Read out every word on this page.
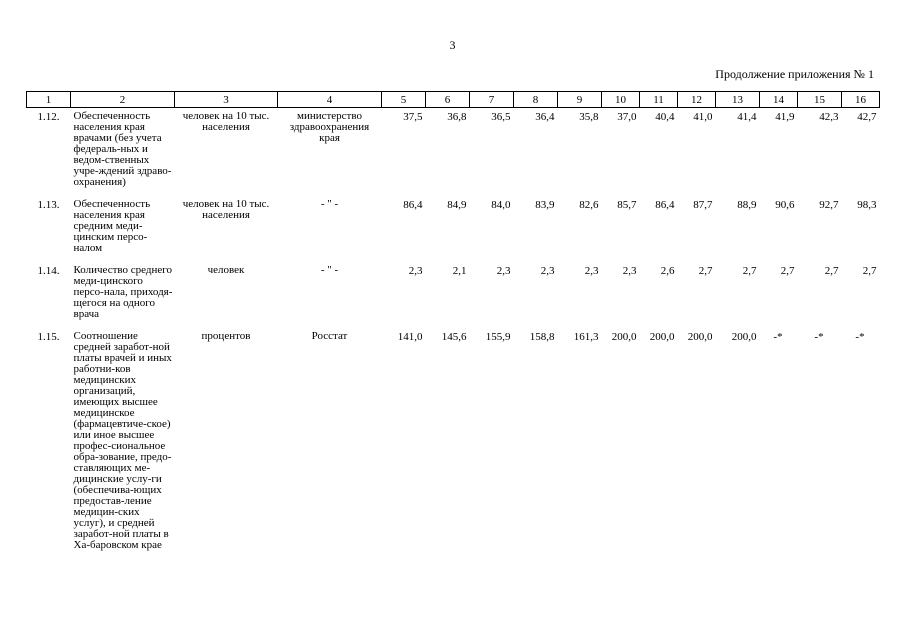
3
Продолжение приложения № 1
1	2	3	4	5	6	7	8	9	10	11	12	13	14	15	16
1.12.	Обеспеченность населения края врачами (без учета федераль-ных и ведом-ственных учре-ждений здраво-охранения)	человек на 10 тыс. населения	министерство здравоохранения края	37,5	36,8	36,5	36,4	35,8	37,0	40,4	41,0	41,4	41,9	42,3	42,7
1.13.	Обеспеченность населения края средним меди-цинским персо-налом	человек на 10 тыс. населения	- " -	86,4	84,9	84,0	83,9	82,6	85,7	86,4	87,7	88,9	90,6	92,7	98,3
1.14.	Количество среднего меди-цинского персо-нала, приходя-щегося на одного врача	человек	- " -	2,3	2,1	2,3	2,3	2,3	2,3	2,6	2,7	2,7	2,7	2,7	2,7
1.15.	Соотношение средней заработ-ной платы врачей и иных работни-ков медицинских организаций, имеющих высшее медицинское (фармацевтиче-ское) или иное высшее профес-сиональное обра-зование, предо-ставляющих ме-дицинские услу-ги (обеспечива-ющих предостав-ление медицин-ских услуг), и средней заработ-ной платы в Ха-баровском крае	процентов	Росстат	141,0	145,6	155,9	158,8	161,3	200,0	200,0	200,0	200,0	-*	-*	-*
